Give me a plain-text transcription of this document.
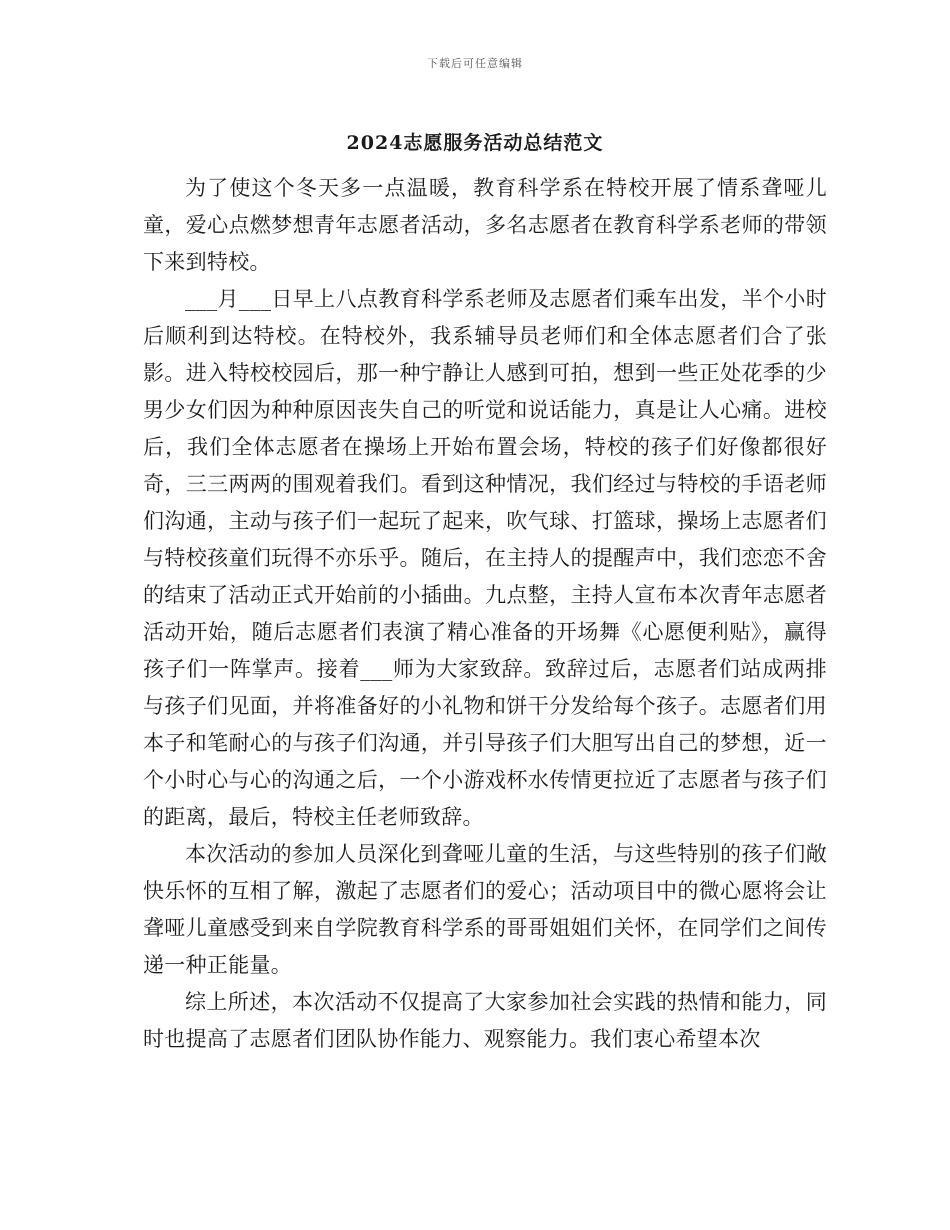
下载后可任意编辑
2024志愿服务活动总结范文

为了使这个冬天多一点温暖，教育科学系在特校开展了情系聋哑儿童，爱心点燃梦想青年志愿者活动，多名志愿者在教育科学系老师的带领下来到特校。

___月___日早上八点教育科学系老师及志愿者们乘车出发，半个小时后顺利到达特校。在特校外，我系辅导员老师们和全体志愿者们合了张影。进入特校校园后，那一种宁静让人感到可拍，想到一些正处花季的少男少女们因为种种原因丧失自己的听觉和说话能力，真是让人心痛。进校后，我们全体志愿者在操场上开始布置会场，特校的孩子们好像都很好奇，三三两两的围观着我们。看到这种情况，我们经过与特校的手语老师们沟通，主动与孩子们一起玩了起来，吹气球、打篮球，操场上志愿者们与特校孩童们玩得不亦乐乎。随后，在主持人的提醒声中，我们恋恋不舍的结束了活动正式开始前的小插曲。九点整，主持人宣布本次青年志愿者活动开始，随后志愿者们表演了精心准备的开场舞《心愿便利贴》，赢得孩子们一阵掌声。接着___师为大家致辞。致辞过后，志愿者们站成两排与孩子们见面，并将准备好的小礼物和饼干分发给每个孩子。志愿者们用本子和笔耐心的与孩子们沟通，并引导孩子们大胆写出自己的梦想，近一个小时心与心的沟通之后，一个小游戏杯水传情更拉近了志愿者与孩子们的距离，最后，特校主任老师致辞。

本次活动的参加人员深化到聋哑儿童的生活，与这些特别的孩子们敞快乐怀的互相了解，激起了志愿者们的爱心；活动项目中的微心愿将会让聋哑儿童感受到来自学院教育科学系的哥哥姐姐们关怀，在同学们之间传递一种正能量。

综上所述，本次活动不仅提高了大家参加社会实践的热情和能力，同时也提高了志愿者们团队协作能力、观察能力。我们衷心希望本次
